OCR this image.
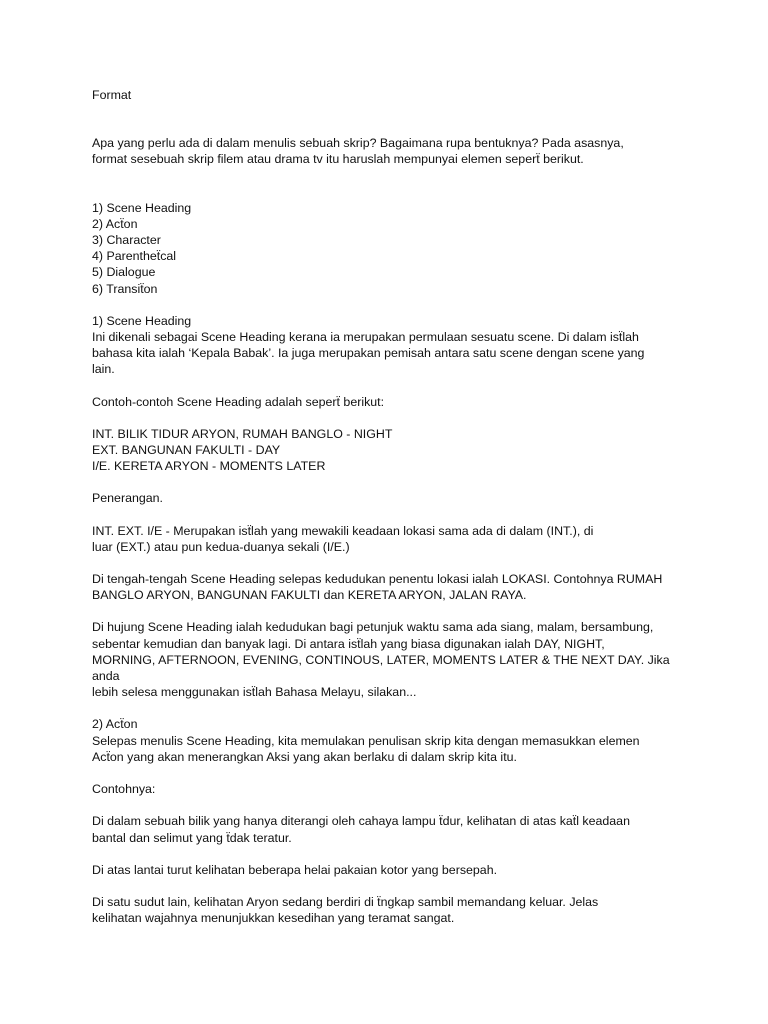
Format

Apa yang perlu ada di dalam menulis sebuah skrip? Bagaimana rupa bentuknya? Pada asasnya,

format sesebuah skrip filem atau drama tv itu haruslah mempunyai elemen seperẗ berikut.

1) Scene Heading

2) Acẗon

3) Character

4) Parentheẗcal

5) Dialogue

6) Transiẗon

1) Scene Heading

Ini dikenali sebagai Scene Heading kerana ia merupakan permulaan sesuatu scene. Di dalam isẗlah

bahasa kita ialah ‘Kepala Babak’. Ia juga merupakan pemisah antara satu scene dengan scene yang

lain.

Contoh-contoh Scene Heading adalah seperẗ berikut:

INT. BILIK TIDUR ARYON, RUMAH BANGLO - NIGHT

EXT. BANGUNAN FAKULTI - DAY

I/E. KERETA ARYON - MOMENTS LATER

Penerangan.

INT. EXT. I/E - Merupakan isẗlah yang mewakili keadaan lokasi sama ada di dalam (INT.), di

luar (EXT.) atau pun kedua-duanya sekali (I/E.)

Di tengah-tengah Scene Heading selepas kedudukan penentu lokasi ialah LOKASI. Contohnya RUMAH

BANGLO ARYON, BANGUNAN FAKULTI dan KERETA ARYON, JALAN RAYA.

Di hujung Scene Heading ialah kedudukan bagi petunjuk waktu sama ada siang, malam, bersambung,

sebentar kemudian dan banyak lagi. Di antara isẗlah yang biasa digunakan ialah DAY, NIGHT,

MORNING, AFTERNOON, EVENING, CONTINOUS, LATER, MOMENTS LATER & THE NEXT DAY. Jika anda

lebih selesa menggunakan isẗlah Bahasa Melayu, silakan...

2) Acẗon

Selepas menulis Scene Heading, kita memulakan penulisan skrip kita dengan memasukkan elemen

Acẗon yang akan menerangkan Aksi yang akan berlaku di dalam skrip kita itu.

Contohnya:

Di dalam sebuah bilik yang hanya diterangi oleh cahaya lampu ẗdur, kelihatan di atas kaẗl keadaan

bantal dan selimut yang ẗdak teratur.

Di atas lantai turut kelihatan beberapa helai pakaian kotor yang bersepah.

Di satu sudut lain, kelihatan Aryon sedang berdiri di ẗngkap sambil memandang keluar. Jelas

kelihatan wajahnya menunjukkan kesedihan yang teramat sangat.
